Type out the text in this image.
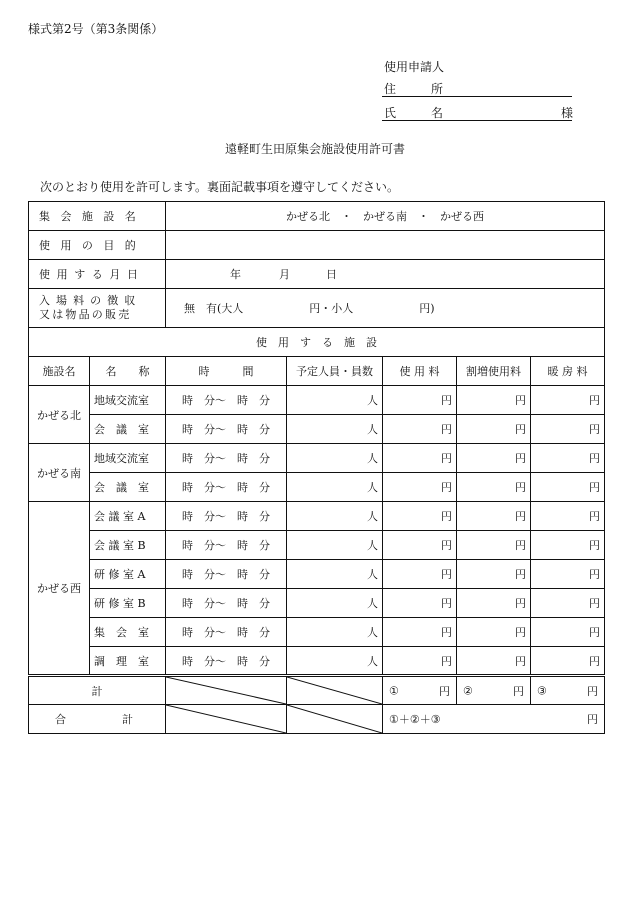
様式第2号（第3条関係）
使用申請人
住	所
氏	名	様
遠軽町生田原集会施設使用許可書
次のとおり使用を許可します。裏面記載事項を遵守してください。
集会施設名		かぜる北　・　かぜる南　・　かぜる西				
使用の目的						
使用する月日		年 月 日				

入場料の徴収
又は物品の販売		無　有(大人　　　　　　円・小人　　　　　　円)				
使　用　す　る　施　設						
施設名	名　　称	時　　　間	予定人員・員数	使 用 料	割増使用料	暖 房 料
かぜる北	地域交流室	時　分～　時　分	人	円	円	円
	会　議　室	時　分～　時　分	人	円	円	円
かぜる南	地域交流室	時　分～　時　分	人	円	円	円
	会　議　室	時　分～　時　分	人	円	円	円
かぜる西	会 議 室 A	時　分～　時　分	人	円	円	円
	会 議 室 B	時　分～　時　分	人	円	円	円
	研 修 室 A	時　分～　時　分	人	円	円	円
	研 修 室 B	時　分～　時　分	人	円	円	円
	集　会　室	時　分～　時　分	人	円	円	円
	調　理　室	時　分～　時　分	人	円	円	円
計				① 円	② 円	③ 円

合 計				①＋②＋③ 円		
